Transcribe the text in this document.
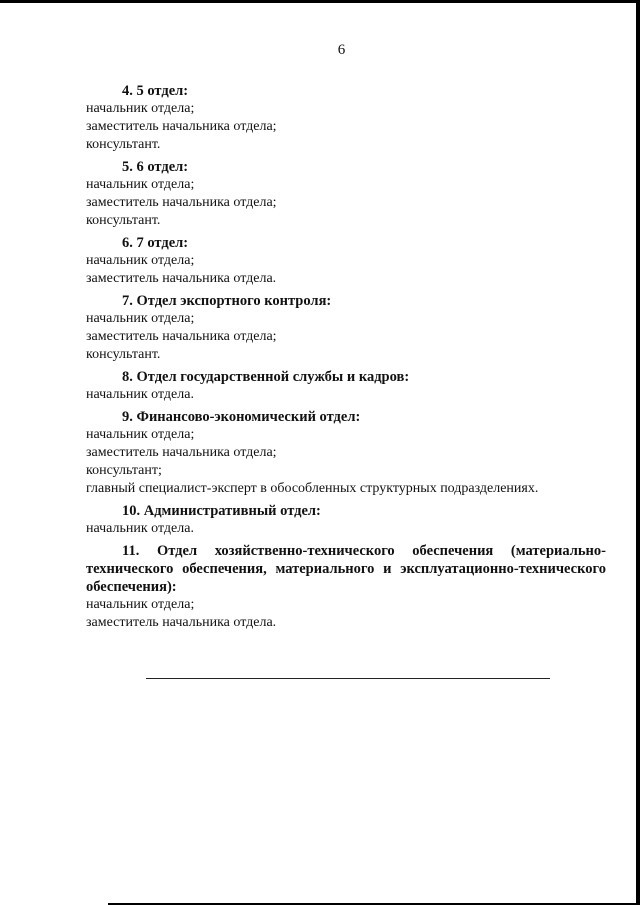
6
4. 5 отдел:
начальник отдела;
заместитель начальника отдела;
консультант.
5. 6 отдел:
начальник отдела;
заместитель начальника отдела;
консультант.
6. 7 отдел:
начальник отдела;
заместитель начальника отдела.
7. Отдел экспортного контроля:
начальник отдела;
заместитель начальника отдела;
консультант.
8. Отдел государственной службы и кадров:
начальник отдела.
9. Финансово-экономический отдел:
начальник отдела;
заместитель начальника отдела;
консультант;
главный специалист-эксперт в обособленных структурных подразделениях.
10. Административный отдел:
начальник отдела.
11. Отдел хозяйственно-технического обеспечения (материально-технического обеспечения, материального и эксплуатационно-технического обеспечения):
начальник отдела;
заместитель начальника отдела.
